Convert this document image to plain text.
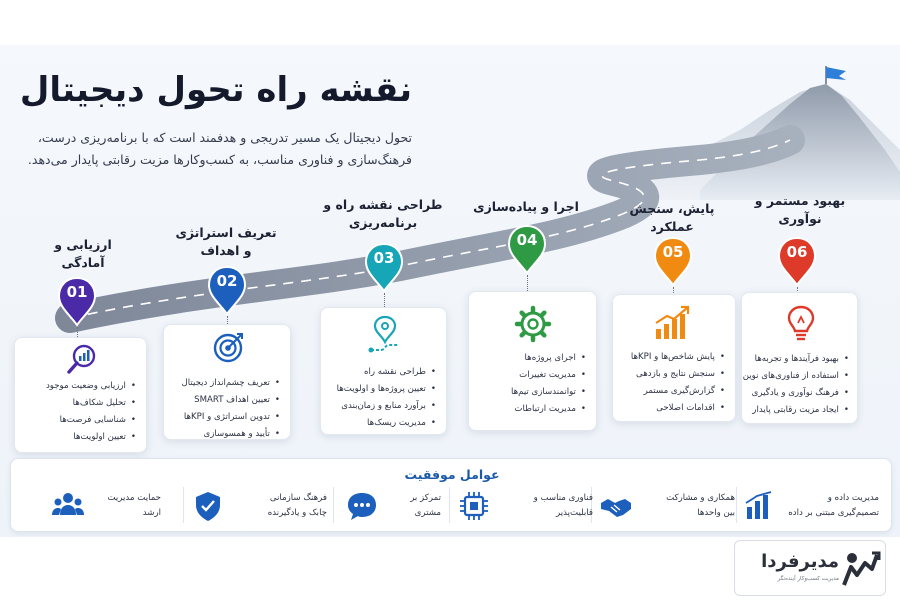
نقشه راه تحول دیجیتال
تحول دیجیتال یک مسیر تدریجی و هدفمند است که با برنامه‌ریزی درست،
فرهنگ‌سازی و فناوری مناسب، به کسب‌وکارها مزیت رقابتی پایدار می‌دهد.
ارزیابی و
آمادگی
تعریف استراتژی
و اهداف
طراحی نقشه راه و
برنامه‌ریزی
اجرا و پیاده‌سازی	پایش، سنجش
عملکرد
بهبود مستمر و
نوآوری
01
02
03
04
05	06
• ارزیابی وضعیت موجود
• تحلیل شکاف‌ها
• شناسایی فرصت‌ها
• تعیین اولویت‌ها
• تعریف چشم‌انداز دیجیتال
• تعیین اهداف SMART
• تدوین استراتژی و KPIها
• تأیید و همسوسازی
• طراحی نقشه راه
• تعیین پروژه‌ها و اولویت‌ها
• برآورد منابع و زمان‌بندی
• مدیریت ریسک‌ها
• اجرای پروژه‌ها
• مدیریت تغییرات
• توانمندسازی تیم‌ها
• مدیریت ارتباطات
• پایش شاخص‌ها و KPIها
• سنجش نتایج و بازدهی
• گزارش‌گیری مستمر
• اقدامات اصلاحی
• بهبود فرآیندها و تجربه‌ها
• استفاده از فناوری‌های نوین
• فرهنگ نوآوری و یادگیری
• ایجاد مزیت رقابتی پایدار
عوامل موفقیت
مدیریت داده و
تصمیم‌گیری مبتنی بر داده
همکاری و مشارکت
بین واحدها
فناوری مناسب و
قابلیت‌پذیر
تمرکز بر
مشتری
فرهنگ سازمانی
چابک و یادگیرنده
حمایت مدیریت
ارشد
مدیرفردا
مدیریت کسب‌وکار آینده‌نگر
